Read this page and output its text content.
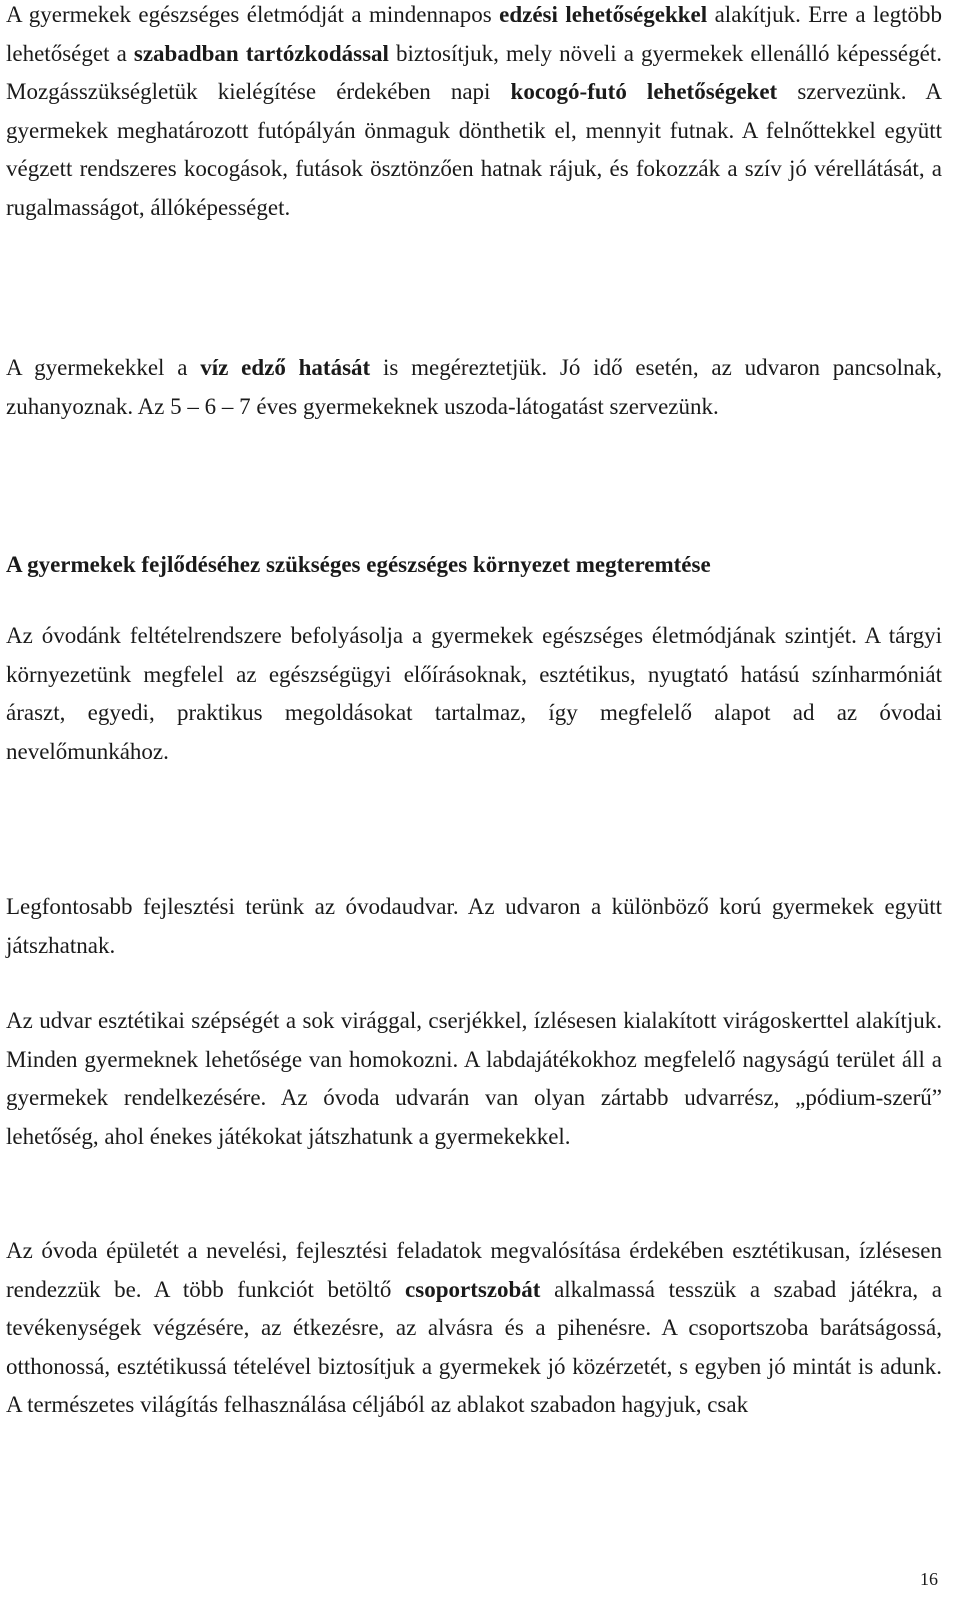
A gyermekek egészséges életmódját a mindennapos edzési lehetőségekkel alakítjuk. Erre a legtöbb lehetőséget a szabadban tartózkodással biztosítjuk, mely növeli a gyermekek ellenálló képességét. Mozgásszükségletük kielégítése érdekében napi kocogó-futó lehetőségeket szervezünk. A gyermekek meghatározott futópályán önmaguk dönthetik el, mennyit futnak. A felnőttekkel együtt végzett rendszeres kocogások, futások ösztönzően hatnak rájuk, és fokozzák a szív jó vérellátását, a rugalmasságot, állóképességet.

A gyermekekkel a víz edző hatását is megéreztetjük. Jó idő esetén, az udvaron pancsolnak, zuhanyoznak. Az 5 – 6 – 7 éves gyermekeknek uszoda-látogatást szervezünk.

A gyermekek fejlődéséhez szükséges egészséges környezet megteremtése

Az óvodánk feltételrendszere befolyásolja a gyermekek egészséges életmódjának szintjét. A tárgyi környezetünk megfelel az egészségügyi előírásoknak, esztétikus, nyugtató hatású színharmóniát áraszt, egyedi, praktikus megoldásokat tartalmaz, így megfelelő alapot ad az óvodai nevelőmunkához.

Legfontosabb fejlesztési terünk az óvodaudvar. Az udvaron a különböző korú gyermekek együtt játszhatnak.

Az udvar esztétikai szépségét a sok virággal, cserjékkel, ízlésesen kialakított virágoskerttel alakítjuk. Minden gyermeknek lehetősége van homokozni. A labdajátékokhoz megfelelő nagyságú terület áll a gyermekek rendelkezésére. Az óvoda udvarán van olyan zártabb udvarrész, „pódium-szerű” lehetőség, ahol énekes játékokat játszhatunk a gyermekekkel.

Az óvoda épületét a nevelési, fejlesztési feladatok megvalósítása érdekében esztétikusan, ízlésesen rendezzük be. A több funkciót betöltő csoportszobát alkalmassá tesszük a szabad játékra, a tevékenységek végzésére, az étkezésre, az alvásra és a pihenésre. A csoportszoba barátságossá, otthonossá, esztétikussá tételével biztosítjuk a gyermekek jó közérzetét, s egyben jó mintát is adunk. A természetes világítás felhasználása céljából az ablakot szabadon hagyjuk, csak

16
